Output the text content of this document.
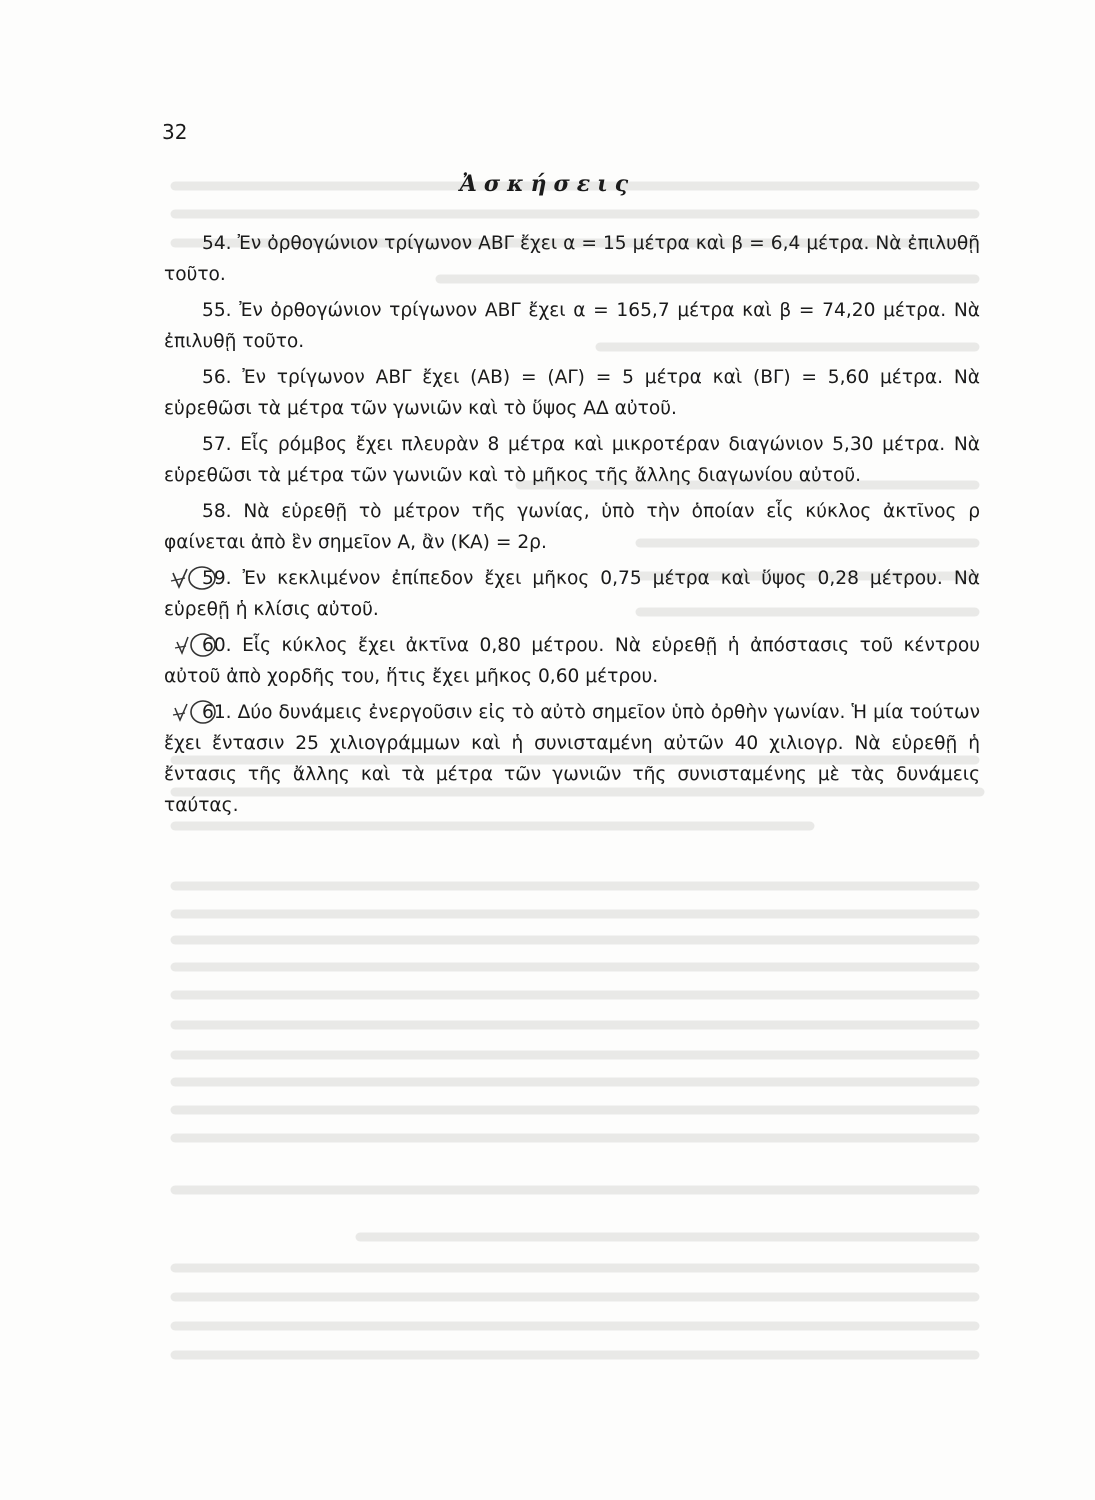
32
Ἀσκήσεις

54. Ἐν ὀρθογώνιον τρίγωνον ΑΒΓ ἔχει α = 15 μέτρα καὶ β = 6,4 μέτρα. Νὰ ἐπιλυθῇ τοῦτο.

55. Ἐν ὀρθογώνιον τρίγωνον ΑΒΓ ἔχει α = 165,7 μέτρα καὶ β = 74,20 μέτρα. Νὰ ἐπιλυθῇ τοῦτο.

56. Ἐν τρίγωνον ΑΒΓ ἔχει (ΑΒ) = (ΑΓ) = 5 μέτρα καὶ (ΒΓ) = 5,60 μέτρα. Νὰ εὑρεθῶσι τὰ μέτρα τῶν γωνιῶν καὶ τὸ ὕψος ΑΔ αὐτοῦ.

57. Εἷς ρόμβος ἔχει πλευρὰν 8 μέτρα καὶ μικροτέραν διαγώνιον 5,30 μέτρα. Νὰ εὑρεθῶσι τὰ μέτρα τῶν γωνιῶν καὶ τὸ μῆκος τῆς ἄλλης διαγωνίου αὐτοῦ.

58. Νὰ εὑρεθῇ τὸ μέτρον τῆς γωνίας, ὑπὸ τὴν ὁποίαν εἷς κύκλος ἀκτῖνος ρ φαίνεται ἀπὸ ἓν σημεῖον Α, ἂν (ΚΑ) = 2ρ.

59. Ἐν κεκλιμένον ἐπίπεδον ἔχει μῆκος 0,75 μέτρα καὶ ὕψος 0,28 μέτρου. Νὰ εὑρεθῇ ἡ κλίσις αὐτοῦ.

60. Εἷς κύκλος ἔχει ἀκτῖνα 0,80 μέτρου. Νὰ εὑρεθῇ ἡ ἀπόστασις τοῦ κέντρου αὐτοῦ ἀπὸ χορδῆς του, ἥτις ἔχει μῆκος 0,60 μέτρου.

61. Δύο δυνάμεις ἐνεργοῦσιν εἰς τὸ αὐτὸ σημεῖον ὑπὸ ὀρθὴν γωνίαν. Ἡ μία τούτων ἔχει ἔντασιν 25 χιλιογράμμων καὶ ἡ συνισταμένη αὐτῶν 40 χιλιογρ. Νὰ εὑρεθῇ ἡ ἔντασις τῆς ἄλλης καὶ τὰ μέτρα τῶν γωνιῶν τῆς συνισταμένης μὲ τὰς δυνάμεις ταύτας.
